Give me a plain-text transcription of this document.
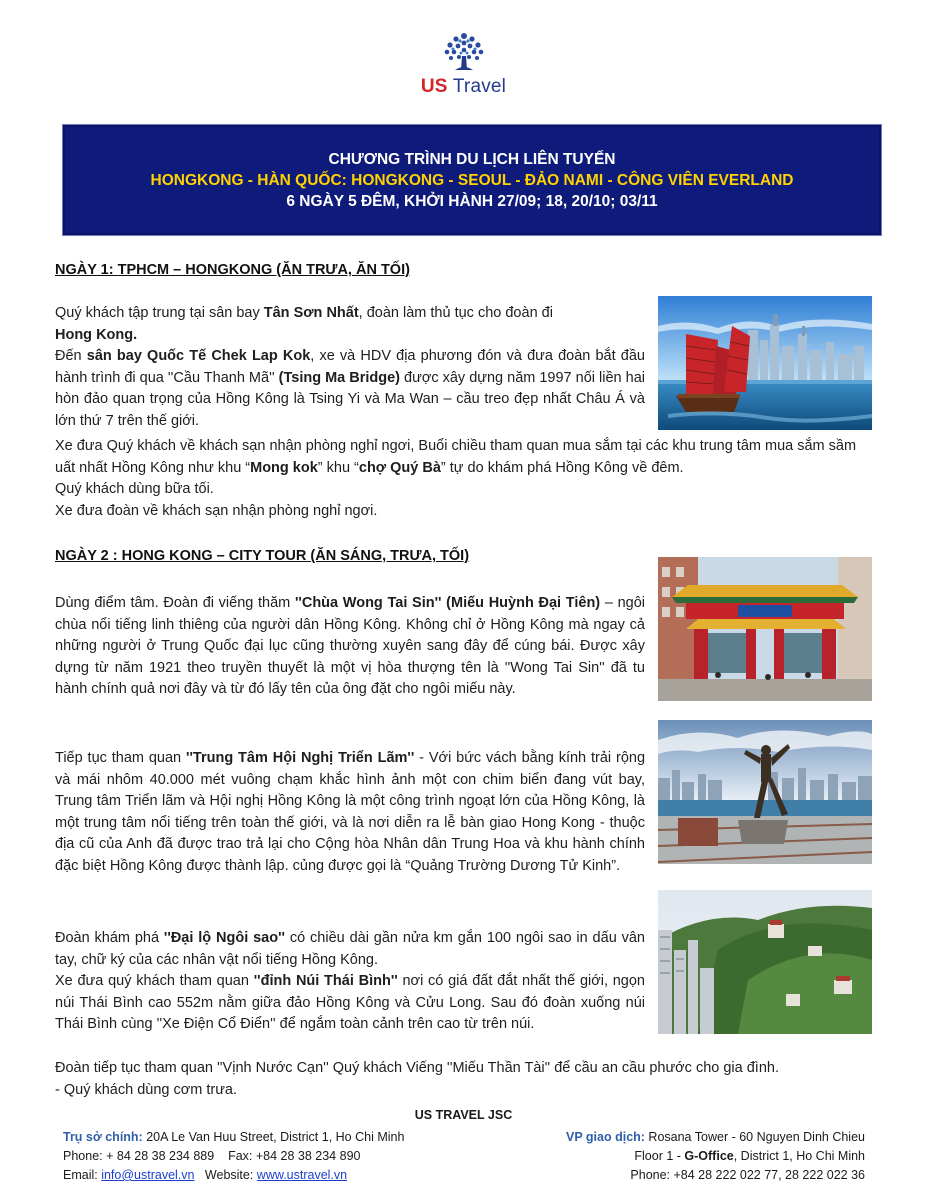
US Travel
CHƯƠNG TRÌNH DU LỊCH LIÊN TUYẾN
HONGKONG - HÀN QUỐC: HONGKONG - SEOUL - ĐẢO NAMI - CÔNG VIÊN EVERLAND
6 NGÀY 5 ĐÊM, KHỞI HÀNH 27/09; 18, 20/10; 03/11
NGÀY 1: TPHCM – HONGKONG (ĂN TRƯA, ĂN TỐI)

Quý khách tập trung tại sân bay Tân Sơn Nhất, đoàn làm thủ tục cho đoàn đi
Hong Kong.

Đến sân bay Quốc Tế Chek Lap Kok, xe và HDV địa phương đón và đưa đoàn bắt đầu hành trình đi qua ''Cầu Thanh Mã'' (Tsing Ma Bridge) được xây dựng năm 1997 nối liền hai hòn đảo quan trọng của Hồng Kông là Tsing Yi và Ma Wan – cầu treo đẹp nhất Châu Á và lớn thứ 7 trên thế giới.

Xe đưa Quý khách về khách sạn nhận phòng nghỉ ngơi, Buổi chiều tham quan mua sắm tại các khu trung tâm mua sắm sầm uất nhất Hồng Kông như khu “Mong kok” khu “chợ Quý Bà” tự do khám phá Hồng Kông về đêm.

Quý khách dùng bữa tối.

Xe đưa đoàn về khách sạn nhận phòng nghỉ ngơi.

NGÀY 2 : HONG KONG – CITY TOUR (ĂN SÁNG, TRƯA, TỐI)

Dùng điểm tâm. Đoàn đi viếng thăm ''Chùa Wong Tai Sin'' (Miếu Huỳnh Đại Tiên) – ngôi chùa nổi tiếng linh thiêng của người dân Hồng Kông. Không chỉ ở Hồng Kông mà ngay cả những người ở Trung Quốc đại lục cũng thường xuyên sang đây để cúng bái. Được xây dựng từ năm 1921 theo truyền thuyết là một vị hòa thượng tên là ''Wong Tai Sin'' đã tu hành chính quả nơi đây và từ đó lấy tên của ông đặt cho ngôi miếu này.

Tiếp tục tham quan ''Trung Tâm Hội Nghị Triển Lãm'' - Với bức vách bằng kính trải rộng và mái nhôm 40.000 mét vuông chạm khắc hình ảnh một con chim biển đang vút bay, Trung tâm Triển lãm và Hội nghị Hồng Kông là một công trình ngoạt lớn của Hồng Kông, là một trung tâm nổi tiếng trên toàn thế giới, và là nơi diễn ra lễ bàn giao Hong Kong - thuộc địa cũ của Anh đã được trao trả lại cho Cộng hòa Nhân dân Trung Hoa và khu hành chính đặc biệt Hồng Kông được thành lập. củng được gọi là “Quảng Trường Dương Tử Kinh”.

Đoàn khám phá ''Đại lộ Ngôi sao'' có chiều dài gần nửa km gắn 100 ngôi sao in dấu vân tay, chữ ký của các nhân vật nổi tiếng Hồng Kông.

Xe đưa quý khách tham quan ''đỉnh Núi Thái Bình'' nơi có giá đất đắt nhất thế giới, ngọn núi Thái Bình cao 552m nằm giữa đảo Hồng Kông và Cửu Long. Sau đó đoàn xuống núi Thái Bình cùng ''Xe Điện Cổ Điển'' để ngắm toàn cảnh trên cao từ trên núi.

Đoàn tiếp tục tham quan ''Vịnh Nước Cạn'' Quý khách Viếng ''Miếu Thần Tài'' để cầu an cầu phước cho gia đình.

- Quý khách dùng cơm trưa.

US TRAVEL JSC
Trụ sở chính: 20A Le Van Huu Street, District 1, Ho Chi Minh
Phone: + 84 28 38 234 889    Fax: +84 28 38 234 890
Email: info@ustravel.vn   Website: www.ustravel.vn
VP giao dịch: Rosana Tower - 60 Nguyen Dinh Chieu
Floor 1 - G-Office, District 1, Ho Chi Minh
Phone: +84 28 222 022 77, 28 222 022 36
